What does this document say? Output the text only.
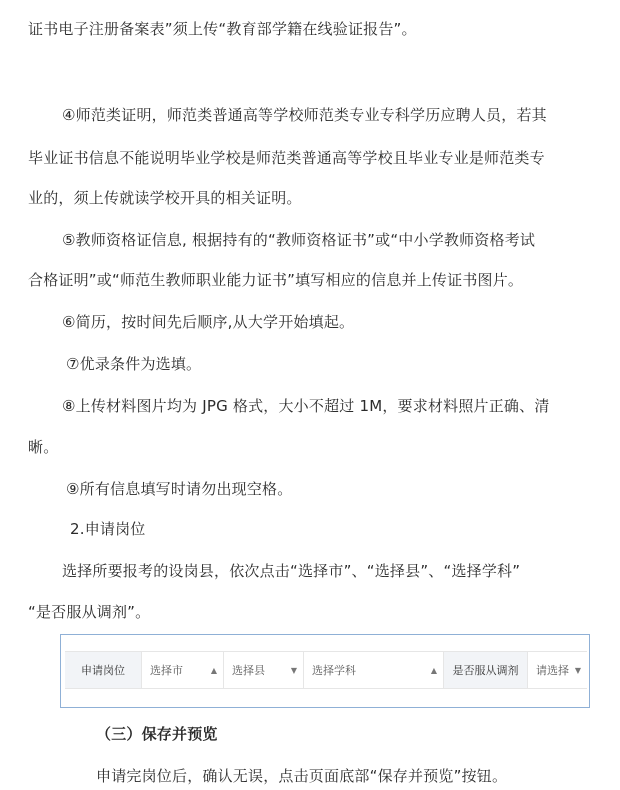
证书电子注册备案表”须上传“教育部学籍在线验证报告”。

④师范类证明，师范类普通高等学校师范类专业专科学历应聘人员，若其

毕业证书信息不能说明毕业学校是师范类普通高等学校且毕业专业是师范类专

业的，须上传就读学校开具的相关证明。

⑤教师资格证信息, 根据持有的“教师资格证书”或“中小学教师资格考试

合格证明”或“师范生教师职业能力证书”填写相应的信息并上传证书图片。

⑥简历，按时间先后顺序,从大学开始填起。

⑦优录条件为选填。

⑧上传材料图片均为 JPG 格式，大小不超过 1M，要求材料照片正确、清

晰。

⑨所有信息填写时请勿出现空格。

2.申请岗位

选择所要报考的设岗县，依次点击“选择市”、“选择县”、“选择学科”

“是否服从调剂”。

申请岗位	选择市	▲ 选择县	▼ 选择学科	▲	是否服从调剂	请选择 ▼

（三）保存并预览

申请完岗位后，确认无误，点击页面底部“保存并预览”按钮。
